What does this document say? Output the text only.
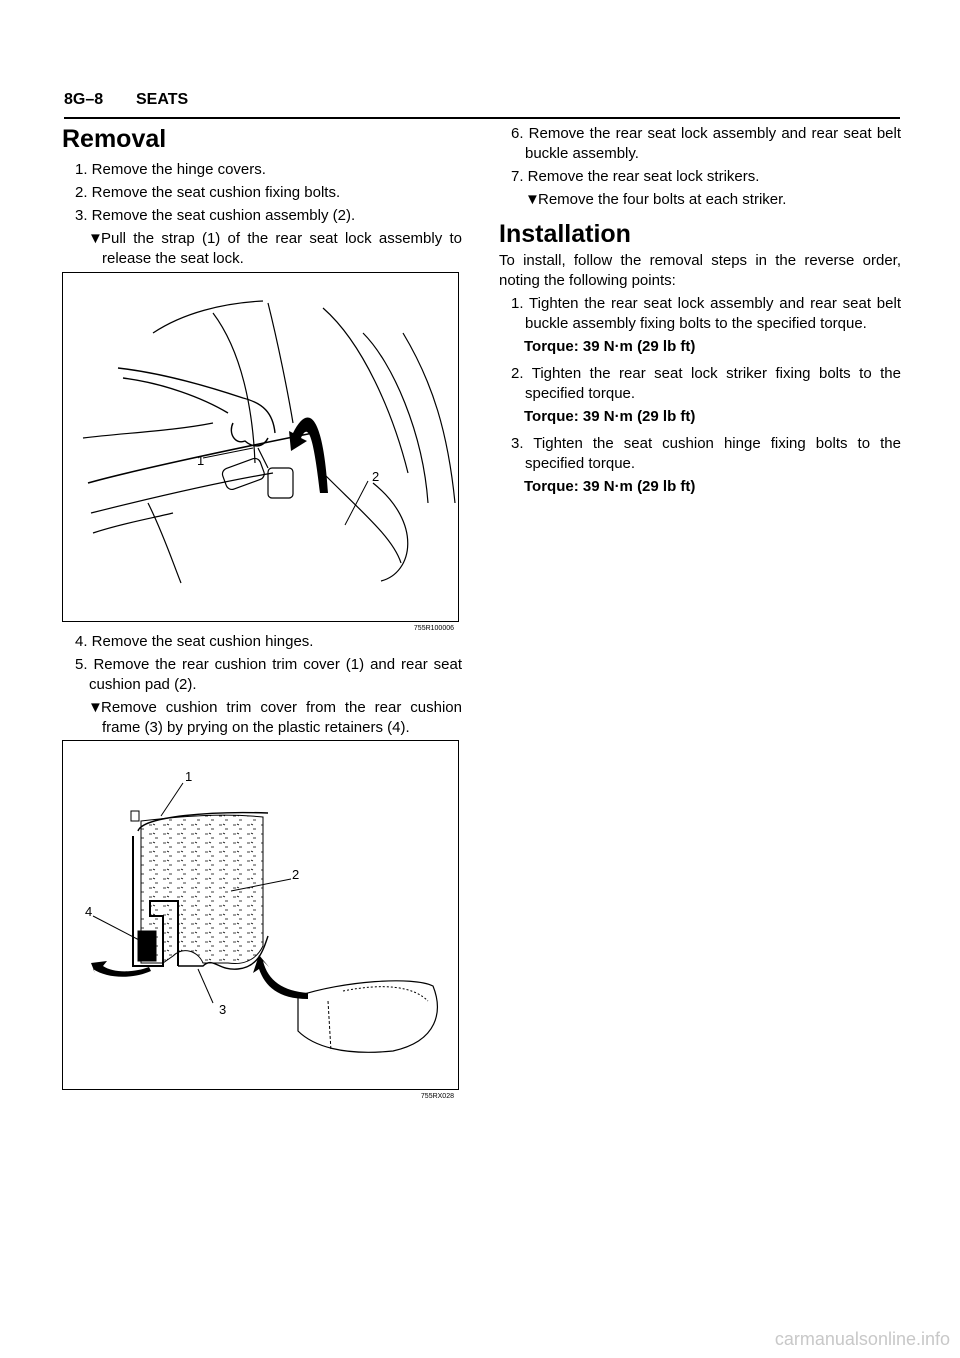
8G–8 SEATS
Removal

1. Remove the hinge covers.

2. Remove the seat cushion fixing bolts.

3. Remove the seat cushion assembly (2).

▼Pull the strap (1) of the rear seat lock assembly to release the seat lock.

1
2
755R100006

4. Remove the seat cushion hinges.

5. Remove the rear cushion trim cover (1) and rear seat cushion pad (2).

▼Remove cushion trim cover from the rear cushion frame (3) by prying on the plastic retainers (4).

1
2
3
4
755RX028

6. Remove the rear seat lock assembly and rear seat belt buckle assembly.

7. Remove the rear seat lock strikers.

▼Remove the four bolts at each striker.

Installation

To install, follow the removal steps in the reverse order, noting the following points:

1. Tighten the rear seat lock assembly and rear seat belt buckle assembly fixing bolts to the specified torque.

Torque: 39 N·m (29 lb ft)

2. Tighten the rear seat lock striker fixing bolts to the specified torque.

Torque: 39 N·m (29 lb ft)

3. Tighten the seat cushion hinge fixing bolts to the specified torque.

Torque: 39 N·m (29 lb ft)

carmanualsonline.info
